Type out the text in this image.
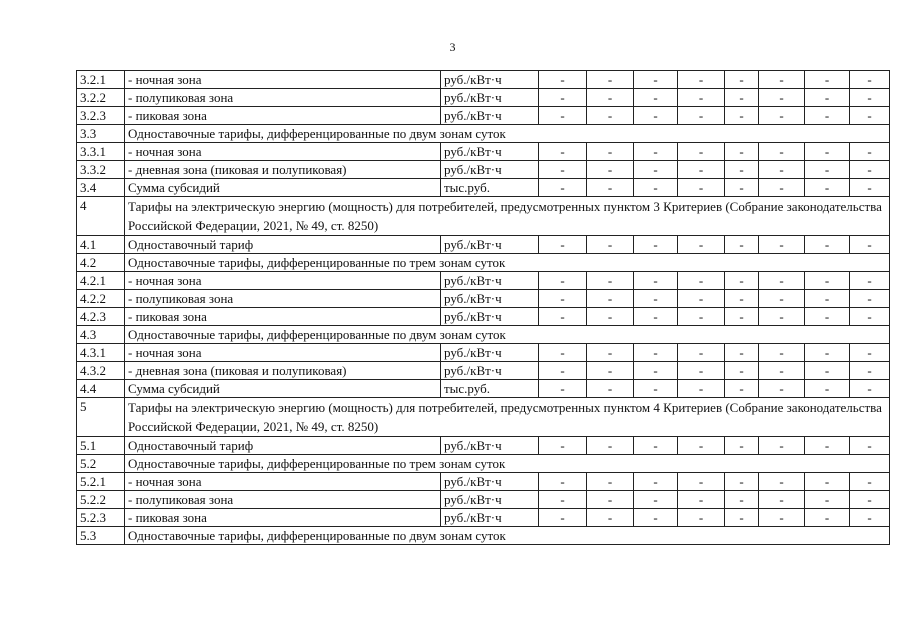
3
3.2.1	- ночная зона	руб./кВт·ч	-	-	-	-	-	-	-	-
3.2.2	- полупиковая зона	руб./кВт·ч	-	-	-	-	-	-	-	-
3.2.3	- пиковая зона	руб./кВт·ч	-	-	-	-	-	-	-	-
3.3	Одноставочные тарифы, дифференцированные по двум зонам суток									
3.3.1	- ночная зона	руб./кВт·ч	-	-	-	-	-	-	-	-
3.3.2	- дневная зона (пиковая и полупиковая)	руб./кВт·ч	-	-	-	-	-	-	-	-
3.4	Сумма субсидий	тыс.руб.	-	-	-	-	-	-	-	-
4	Тарифы на электрическую энергию (мощность) для потребителей, предусмотренных пунктом 3 Критериев (Собрание законодательства Российской Федерации, 2021, № 49, ст. 8250)									
4.1	Одноставочный тариф	руб./кВт·ч	-	-	-	-	-	-	-	-
4.2	Одноставочные тарифы, дифференцированные по трем зонам суток									
4.2.1	- ночная зона	руб./кВт·ч	-	-	-	-	-	-	-	-
4.2.2	- полупиковая зона	руб./кВт·ч	-	-	-	-	-	-	-	-
4.2.3	- пиковая зона	руб./кВт·ч	-	-	-	-	-	-	-	-
4.3	Одноставочные тарифы, дифференцированные по двум зонам суток									
4.3.1	- ночная зона	руб./кВт·ч	-	-	-	-	-	-	-	-
4.3.2	- дневная зона (пиковая и полупиковая)	руб./кВт·ч	-	-	-	-	-	-	-	-
4.4	Сумма субсидий	тыс.руб.	-	-	-	-	-	-	-	-
5	Тарифы на электрическую энергию (мощность) для потребителей, предусмотренных пунктом 4 Критериев (Собрание законодательства Российской Федерации, 2021, № 49, ст. 8250)									
5.1	Одноставочный тариф	руб./кВт·ч	-	-	-	-	-	-	-	-
5.2	Одноставочные тарифы, дифференцированные по трем зонам суток									
5.2.1	- ночная зона	руб./кВт·ч	-	-	-	-	-	-	-	-
5.2.2	- полупиковая зона	руб./кВт·ч	-	-	-	-	-	-	-	-
5.2.3	- пиковая зона	руб./кВт·ч	-	-	-	-	-	-	-	-
5.3	Одноставочные тарифы, дифференцированные по двум зонам суток									
